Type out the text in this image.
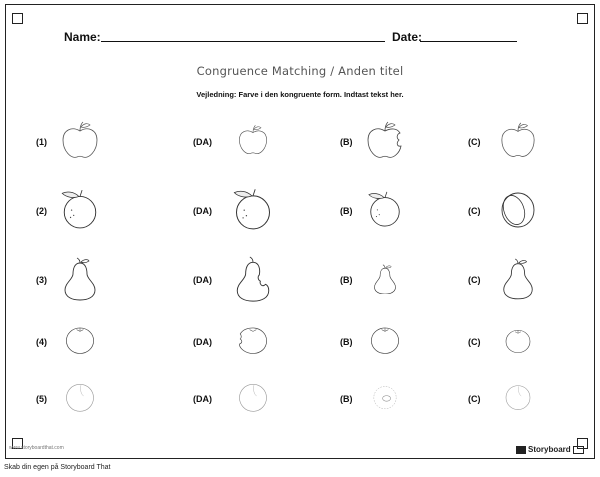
Name:	Date:
Congruence Matching / Anden titel
Vejledning: Farve i den kongruente form. Indtast tekst her.
(1)	(DA)	(B)	(C)
(2)	(DA)	(B)	(C)
(3)	(DA)	(B)	(C)
(4)	(DA)	(B)	(C)
(5)	(DA)	(B)	(C)
www.storyboardthat.com	Storyboard
Skab din egen på Storyboard That
